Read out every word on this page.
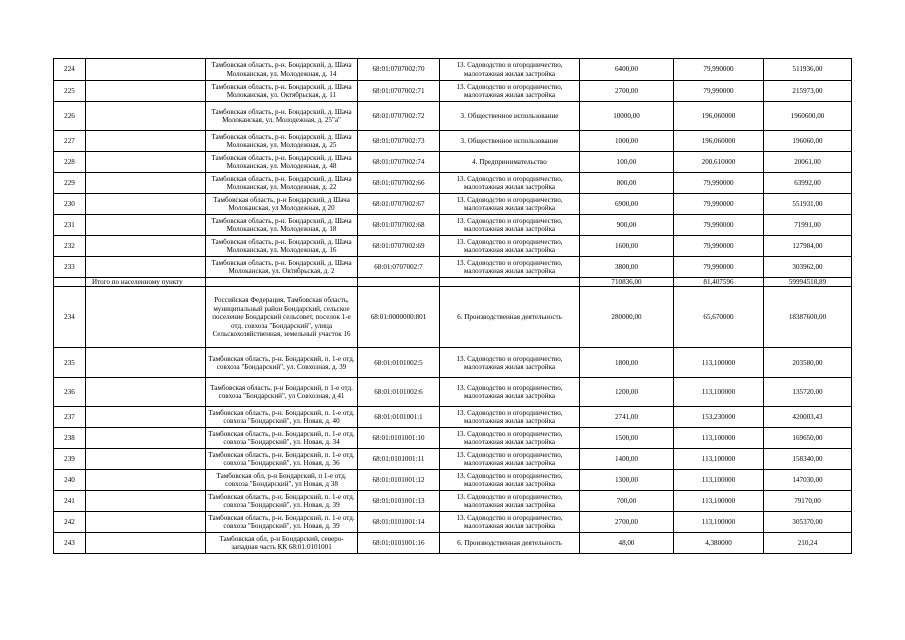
224		Тамбовская область, р-н. Бондарский, д. Шача Молоканская, ул. Молодежная, д. 14	68:01:0707002:70	13. Садоводство и огородничество, малоэтажная жилая застройка	6400,00	79,990000	511936,00
225		Тамбовская область, р-н. Бондарский, д. Шача Молоканская, ул. Октябрьская, д. 11	68:01:0707002:71	13. Садоводство и огородничество, малоэтажная жилая застройка	2700,00	79,990000	215973,00
226		Тамбовская область, р-н. Бондарский, д. Шача Молоканская, ул. Молодежная, д. 25"а"	68:01:0707002:72	3. Общественное использование	10000,00	196,060000	1960600,00
227		Тамбовская область, р-н. Бондарский, д. Шача Молоканская, ул. Молодежная, д. 25	68:01:0707002:73	3. Общественное использование	1000,00	196,060000	196060,00
228		Тамбовская область, р-н. Бондарский, д. Шача Молоканская, ул. Молодежная, д. 48	68:01:0707002:74	4. Предпринимательство	100,00	200,610000	20061,00
229		Тамбовская область, р-н. Бондарский, д. Шача Молоканская, ул. Молодежная, д. 22	68:01:0707002:66	13. Садоводство и огородничество, малоэтажная жилая застройка	800,00	79,990000	63992,00
230		Тамбовская область, р-н Бондарский, д Шача Молоканская, ул Молодежная, д 20	68:01:0707002:67	13. Садоводство и огородничество, малоэтажная жилая застройка	6900,00	79,990000	551931,00
231		Тамбовская область, р-н. Бондарский, д. Шача Молоканская, ул. Молодежная, д. 18	68:01:0707002:68	13. Садоводство и огородничество, малоэтажная жилая застройка	900,00	79,990000	71991,00
232		Тамбовская область, р-н. Бондарский, д. Шача Молоканская, ул. Молодежная, д. 16	68:01:0707002:69	13. Садоводство и огородничество, малоэтажная жилая застройка	1600,00	79,990000	127984,00
233		Тамбовская область, р-н. Бондарский, д. Шача Молоканская, ул. Октябрьская, д. 2	68:01:0707002:7	13. Садоводство и огородничество, малоэтажная жилая застройка	3800,00	79,990000	303962,00
	Итого по населенному пункту				710836,00	81,407596	59994518,89
234		Российская Федерация, Тамбовская область, муниципальный район Бондарский, сельское поселение Бондарский сельсовет, поселок 1-е отд. совхоза "Бондарский", улица Сельскохозяйственная, земельный участок 16	68:01:0000000:801	6. Производственная деятельность	280000,00	65,670000	18387600,00
235		Тамбовская область, р-н. Бондарский, п. 1-е отд. совхоза "Бондарский", ул. Совхозная, д. 39	68:01:0101002:5	13. Садоводство и огородничество, малоэтажная жилая застройка	1800,00	113,100000	203580,00
236		Тамбовская область, р-н Бондарский, п 1-е отд. совхоза "Бондарский", ул Совхозная, д 41	68:01:0101002:6	13. Садоводство и огородничество, малоэтажная жилая застройка	1200,00	113,100000	135720,00
237		Тамбовская область, р-н. Бондарский, п. 1-е отд. совхоза "Бондарский", ул. Новая, д. 40	68:01:0101001:1	13. Садоводство и огородничество, малоэтажная жилая застройка	2741,00	153,230000	420003,43
238		Тамбовская область, р-н. Бондарский, п. 1-е отд. совхоза "Бондарский", ул. Новая, д. 34	68:01:0101001:10	13. Садоводство и огородничество, малоэтажная жилая застройка	1500,00	113,100000	169650,00
239		Тамбовская область, р-н. Бондарский, п. 1-е отд. совхоза "Бондарский", ул. Новая, д. 36	68:01:0101001:11	13. Садоводство и огородничество, малоэтажная жилая застройка	1400,00	113,100000	158340,00
240		Тамбовская обл, р-н Бондарский, п 1-е отд. совхоза "Бондарский", ул Новая, д 38	68:01:0101001:12	13. Садоводство и огородничество, малоэтажная жилая застройка	1300,00	113,100000	147030,00
241		Тамбовская область, р-н. Бондарский, п. 1-е отд. совхоза "Бондарский", ул. Новая, д. 39	68:01:0101001:13	13. Садоводство и огородничество, малоэтажная жилая застройка	700,00	113,100000	79170,00
242		Тамбовская область, р-н. Бондарский, п. 1-е отд. совхоза "Бондарский", ул. Новая, д. 39	68:01:0101001:14	13. Садоводство и огородничество, малоэтажная жилая застройка	2700,00	113,100000	305370,00
243		Тамбовская обл, р-н Бондарский, северо-западная часть КК 68:01:0101001	68:01:0101001:16	6. Производственная деятельность	48,00	4,380000	210,24
